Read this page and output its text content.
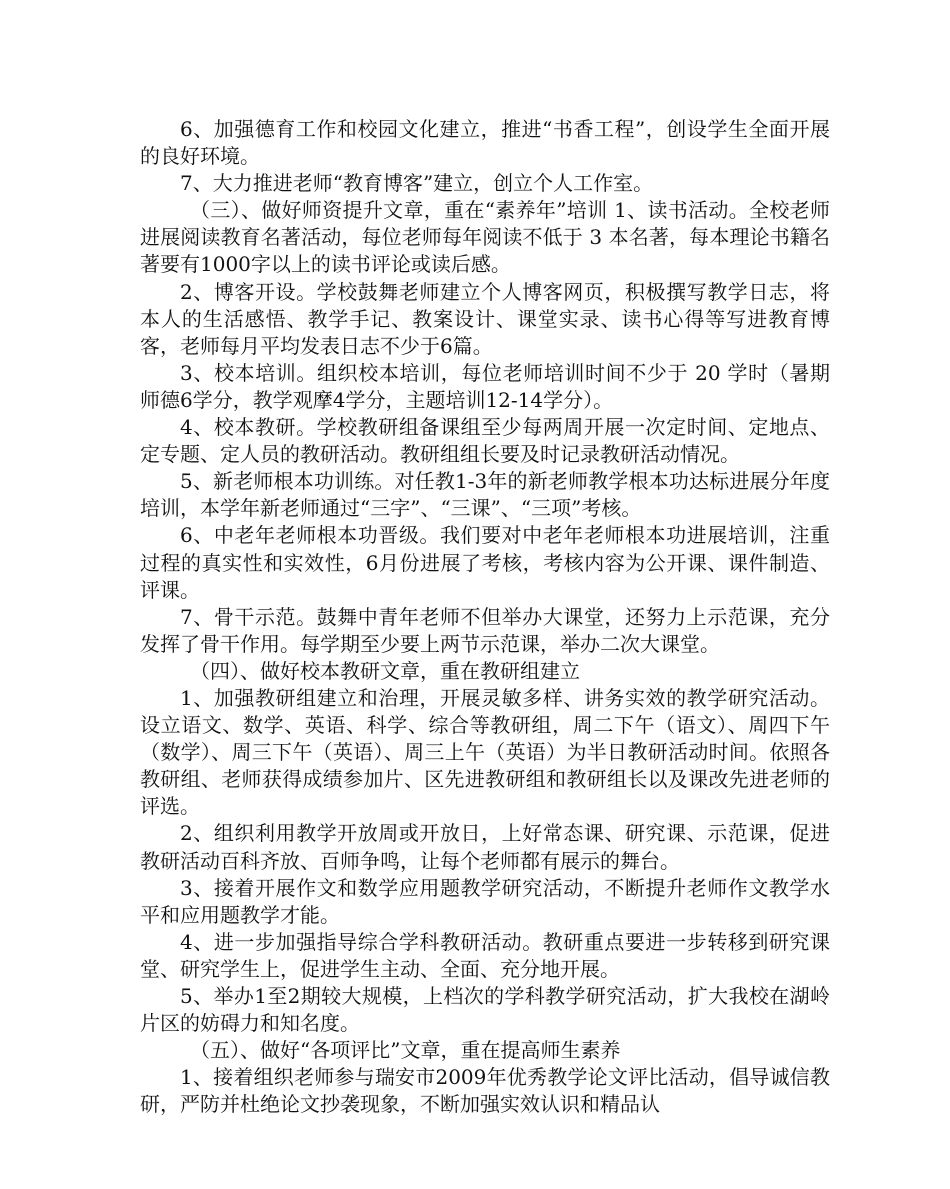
6、加强德育工作和校园文化建立，推进“书香工程”，创设学生全面开展的良好环境。

7、大力推进老师“教育博客”建立，创立个人工作室。

（三）、做好师资提升文章，重在“素养年”培训 1、读书活动。全校老师进展阅读教育名著活动，每位老师每年阅读不低于 3 本名著，每本理论书籍名著要有1000字以上的读书评论或读后感。

2、博客开设。学校鼓舞老师建立个人博客网页，积极撰写教学日志，将本人的生活感悟、教学手记、教案设计、课堂实录、读书心得等写进教育博客，老师每月平均发表日志不少于6篇。

3、校本培训。组织校本培训，每位老师培训时间不少于 20 学时（暑期师德6学分，教学观摩4学分，主题培训12-14学分）。

4、校本教研。学校教研组备课组至少每两周开展一次定时间、定地点、定专题、定人员的教研活动。教研组组长要及时记录教研活动情况。

5、新老师根本功训练。对任教1-3年的新老师教学根本功达标进展分年度培训，本学年新老师通过“三字”、“三课”、“三项”考核。

6、中老年老师根本功晋级。我们要对中老年老师根本功进展培训，注重过程的真实性和实效性，6月份进展了考核，考核内容为公开课、课件制造、评课。

7、骨干示范。鼓舞中青年老师不但举办大课堂，还努力上示范课，充分发挥了骨干作用。每学期至少要上两节示范课，举办二次大课堂。

（四）、做好校本教研文章，重在教研组建立

1、加强教研组建立和治理，开展灵敏多样、讲务实效的教学研究活动。设立语文、数学、英语、科学、综合等教研组，周二下午（语文）、周四下午（数学）、周三下午（英语）、周三上午（英语）为半日教研活动时间。依照各教研组、老师获得成绩参加片、区先进教研组和教研组长以及课改先进老师的评选。

2、组织利用教学开放周或开放日，上好常态课、研究课、示范课，促进教研活动百科齐放、百师争鸣，让每个老师都有展示的舞台。

3、接着开展作文和数学应用题教学研究活动，不断提升老师作文教学水平和应用题教学才能。

4、进一步加强指导综合学科教研活动。教研重点要进一步转移到研究课堂、研究学生上，促进学生主动、全面、充分地开展。

5、举办1至2期较大规模，上档次的学科教学研究活动，扩大我校在湖岭片区的妨碍力和知名度。

（五）、做好“各项评比”文章，重在提高师生素养

1、接着组织老师参与瑞安市2009年优秀教学论文评比活动，倡导诚信教研，严防并杜绝论文抄袭现象，不断加强实效认识和精品认
